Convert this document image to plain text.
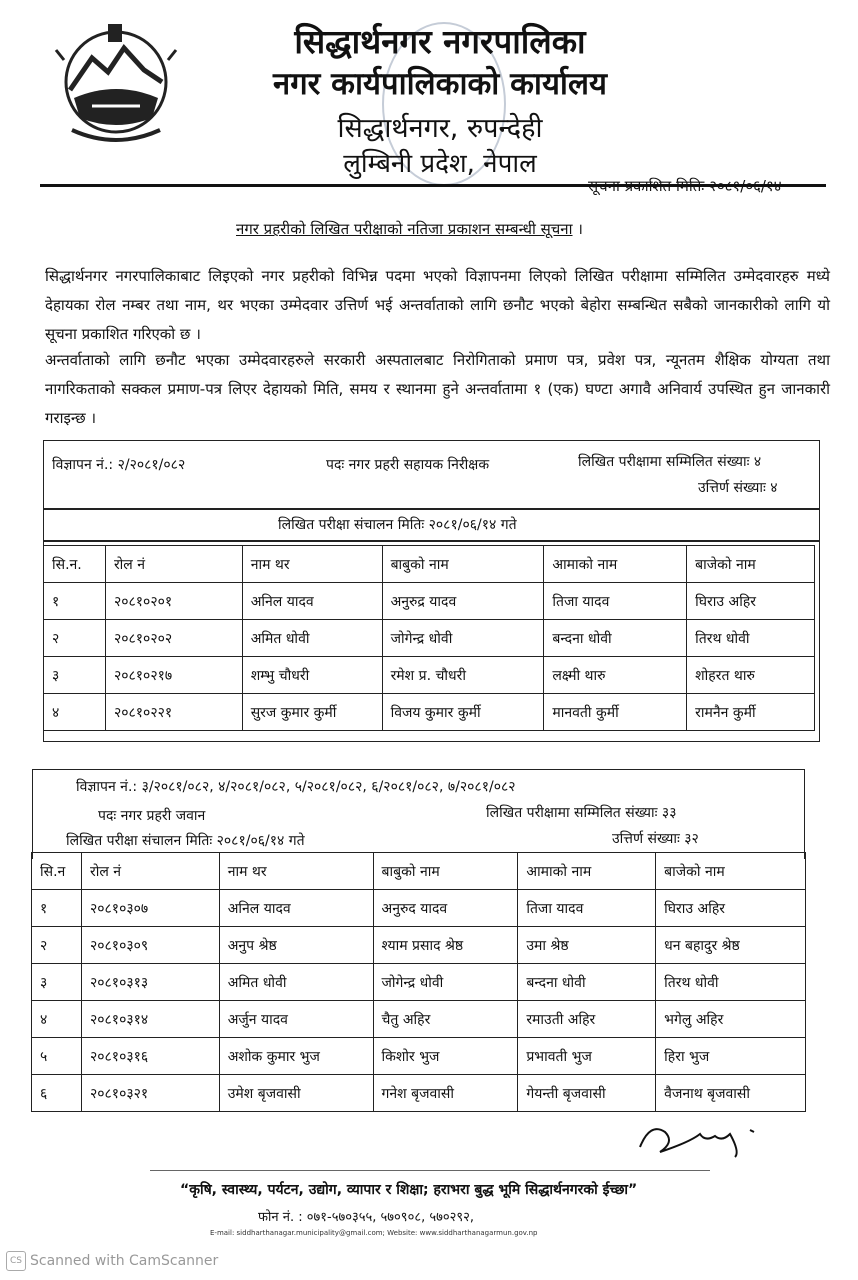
सिद्धार्थनगर नगरपालिका
नगर कार्यपालिकाको कार्यालय
सिद्धार्थनगर, रुपन्देही
लुम्बिनी प्रदेश, नेपाल
सूचना प्रकाशित मितिः २०८१/०६/१४
नगर प्रहरीको लिखित परीक्षाको नतिजा प्रकाशन सम्बन्धी सूचना ।
सिद्धार्थनगर नगरपालिकाबाट लिइएको नगर प्रहरीको विभिन्न पदमा भएको विज्ञापनमा लिएको लिखित परीक्षामा सम्मिलित उम्मेदवारहरु मध्ये देहायका रोल नम्बर तथा नाम, थर भएका उम्मेदवार उत्तिर्ण भई अन्तर्वाताको लागि छनौट भएको बेहोरा सम्बन्धित सबैको जानकारीको लागि यो सूचना प्रकाशित गरिएको छ ।
अन्तर्वाताको लागि छनौट भएका उम्मेदवारहरुले सरकारी अस्पतालबाट निरोगिताको प्रमाण पत्र, प्रवेश पत्र, न्यूनतम शैक्षिक योग्यता तथा नागरिकताको सक्कल प्रमाण-पत्र लिएर देहायको मिति, समय र स्थानमा हुने अन्तर्वातामा १ (एक) घण्टा अगावै अनिवार्य उपस्थित हुन जानकारी गराइन्छ ।
विज्ञापन नं.: २/२०८१/०८२	पदः नगर प्रहरी सहायक निरीक्षक	लिखित परीक्षामा सम्मिलित संख्याः ४
उत्तिर्ण संख्याः ४
लिखित परीक्षा संचालन मितिः २०८१/०६/१४ गते
सि.न.	रोल नं	नाम थर	बाबुको नाम	आमाको नाम	बाजेको नाम
१	२०८१०२०१	अनिल यादव	अनुरुद्र यादव	तिजा यादव	घिराउ अहिर
२	२०८१०२०२	अमित धोवी	जोगेन्द्र धोवी	बन्दना धोवी	तिरथ धोवी
३	२०८१०२१७	शम्भु चौधरी	रमेश प्र. चौधरी	लक्ष्मी थारु	शोहरत थारु
४	२०८१०२२१	सुरज कुमार कुर्मी	विजय कुमार कुर्मी	मानवती कुर्मी	रामनैन कुर्मी
विज्ञापन नं.: ३/२०८१/०८२, ४/२०८१/०८२, ५/२०८१/०८२, ६/२०८१/०८२, ७/२०८१/०८२
पदः नगर प्रहरी जवान	लिखित परीक्षामा सम्मिलित संख्याः ३३
लिखित परीक्षा संचालन मितिः २०८१/०६/१४ गते	उत्तिर्ण संख्याः ३२
सि.न	रोल नं	नाम थर	बाबुको नाम	आमाको नाम	बाजेको नाम
१	२०८१०३०७	अनिल यादव	अनुरुद यादव	तिजा यादव	घिराउ अहिर
२	२०८१०३०९	अनुप श्रेष्ठ	श्याम प्रसाद श्रेष्ठ	उमा श्रेष्ठ	धन बहादुर श्रेष्ठ
३	२०८१०३१३	अमित धोवी	जोगेन्द्र धोवी	बन्दना धोवी	तिरथ धोवी
४	२०८१०३१४	अर्जुन यादव	चैतु अहिर	रमाउती अहिर	भगेलु अहिर
५	२०८१०३१६	अशोक कुमार भुज	किशोर भुज	प्रभावती भुज	हिरा भुज
६	२०८१०३२१	उमेश बृजवासी	गनेश बृजवासी	गेयन्ती बृजवासी	वैजनाथ बृजवासी
“कृषि, स्वास्थ्य, पर्यटन, उद्योग, व्यापार र शिक्षा; हराभरा बुद्ध भूमि सिद्धार्थनगरको ईच्छा”
फोन नं. : ०७१-५७०३५५, ५७०९०८, ५७०२९२,
E-mail: siddharthanagar.municipality@gmail.com; Website: www.siddharthanagarmun.gov.np
CS Scanned with CamScanner
